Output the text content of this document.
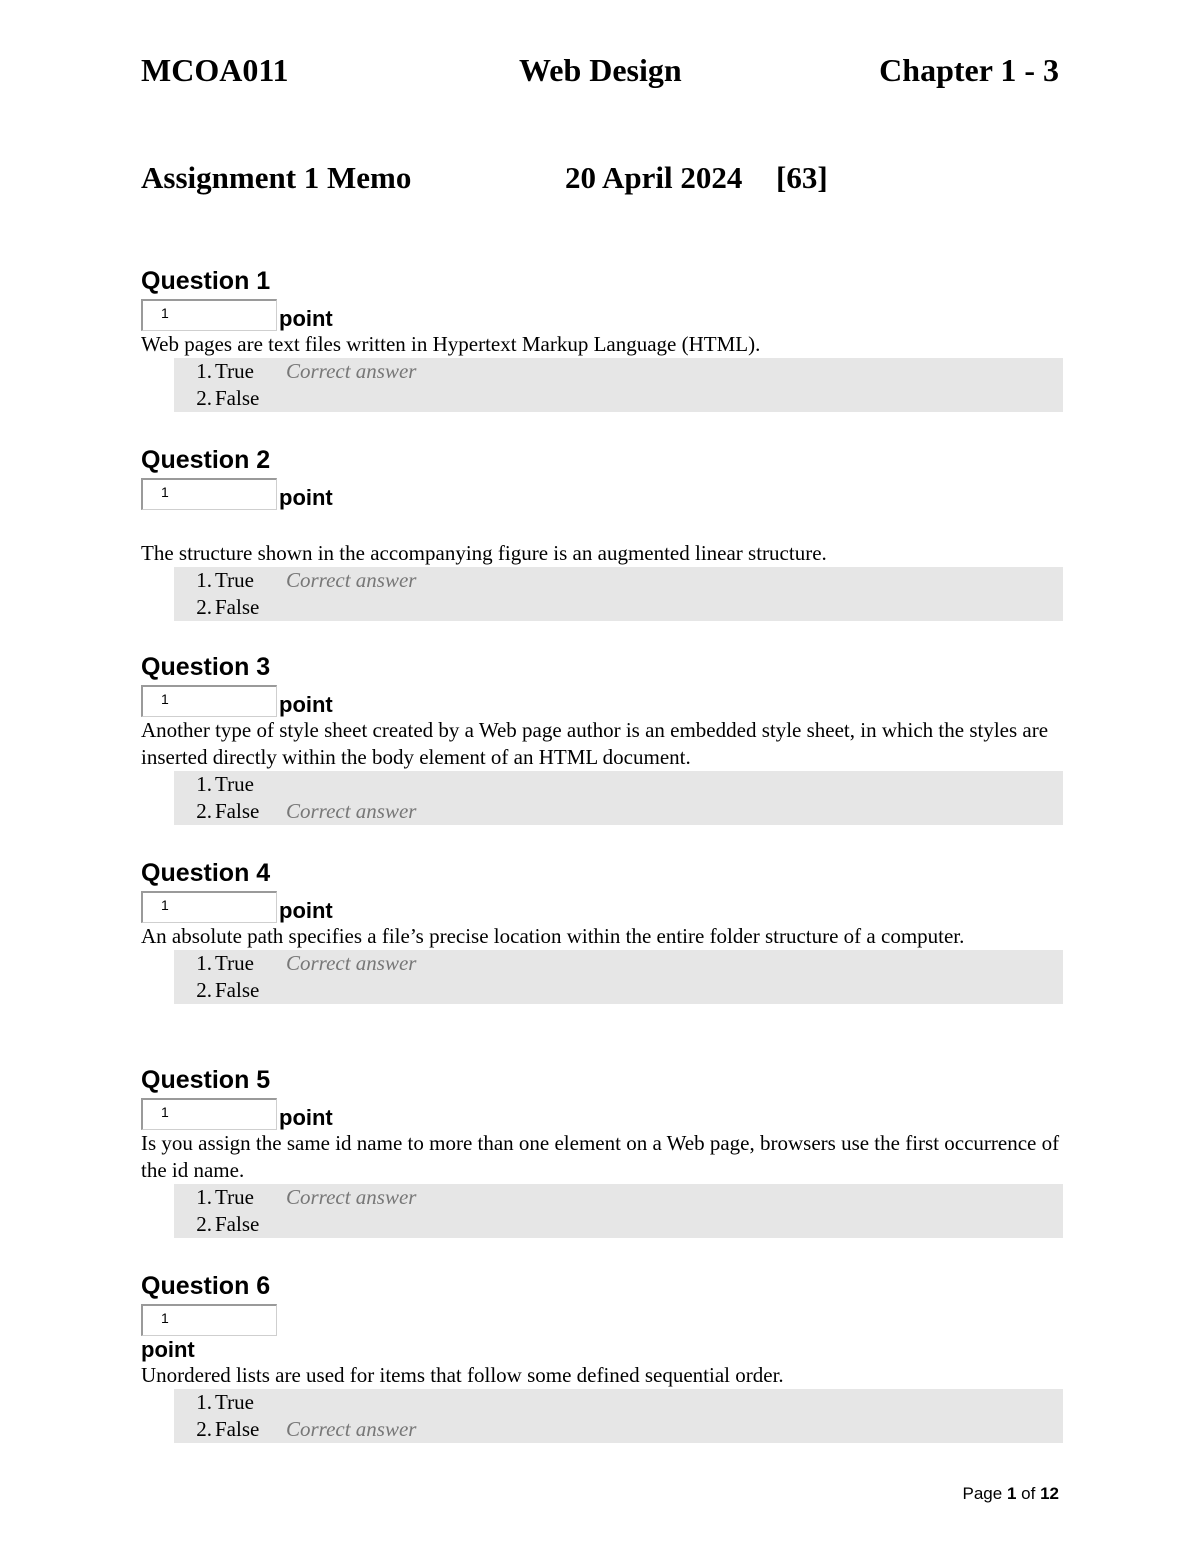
MCOA011	Web Design	Chapter 1 - 3
Assignment 1 Memo	20 April 2024 [63]
Question 1
1	point

Web pages are text files written in Hypertext Markup Language (HTML).

1. True	Correct answer
2. False
Question 2
1	point

The structure shown in the accompanying figure is an augmented linear structure.

1. True	Correct answer
2. False
Question 3
1	point

Another type of style sheet created by a Web page author is an embedded style sheet, in which the styles are inserted directly within the body element of an HTML document.

1. True
2. False	Correct answer
Question 4
1	point

An absolute path specifies a file’s precise location within the entire folder structure of a computer.

1. True	Correct answer
2. False
Question 5
1	point

Is you assign the same id name to more than one element on a Web page, browsers use the first occurrence of the id name.

1. True	Correct answer
2. False
Question 6
1
point

Unordered lists are used for items that follow some defined sequential order.

1. True
2. False	Correct answer
Page 1 of 12
